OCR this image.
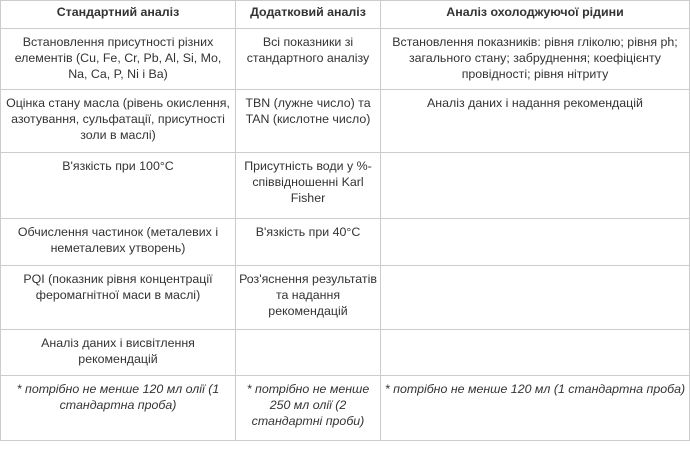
Стандартний аналіз	Додатковий аналіз	Аналіз охолоджуючої рідини
Встановлення присутності різних елементів (Cu, Fe, Cr, Pb, Al, Si, Mo, Na, Ca, P, Ni і Ba)	Всі показники зі стандартного аналізу	Встановлення показників: рівня гліколю; рівня ph; загального стану; забруднення; коефіцієнту провідності; рівня нітриту
Оцінка стану масла (рівень окислення, азотування, сульфатації, присутності золи в маслі)	TBN (лужне число) та TAN (кислотне число)	Аналіз даних і надання рекомендацій
В'язкість при 100°C	Присутність води у %-співвідношенні Karl Fisher	
Обчислення частинок (металевих і неметалевих утворень)	В'язкість при 40°C	
PQI (показник рівня концентрації феромагнітної маси в маслі)	Роз'яснення результатів та надання рекомендацій	
Аналіз даних і висвітлення рекомендацій		
* потрібно не менше 120 мл олії (1 стандартна проба)	* потрібно не менше 250 мл олії (2 стандартні проби)	* потрібно не менше 120 мл (1 стандартна проба)
